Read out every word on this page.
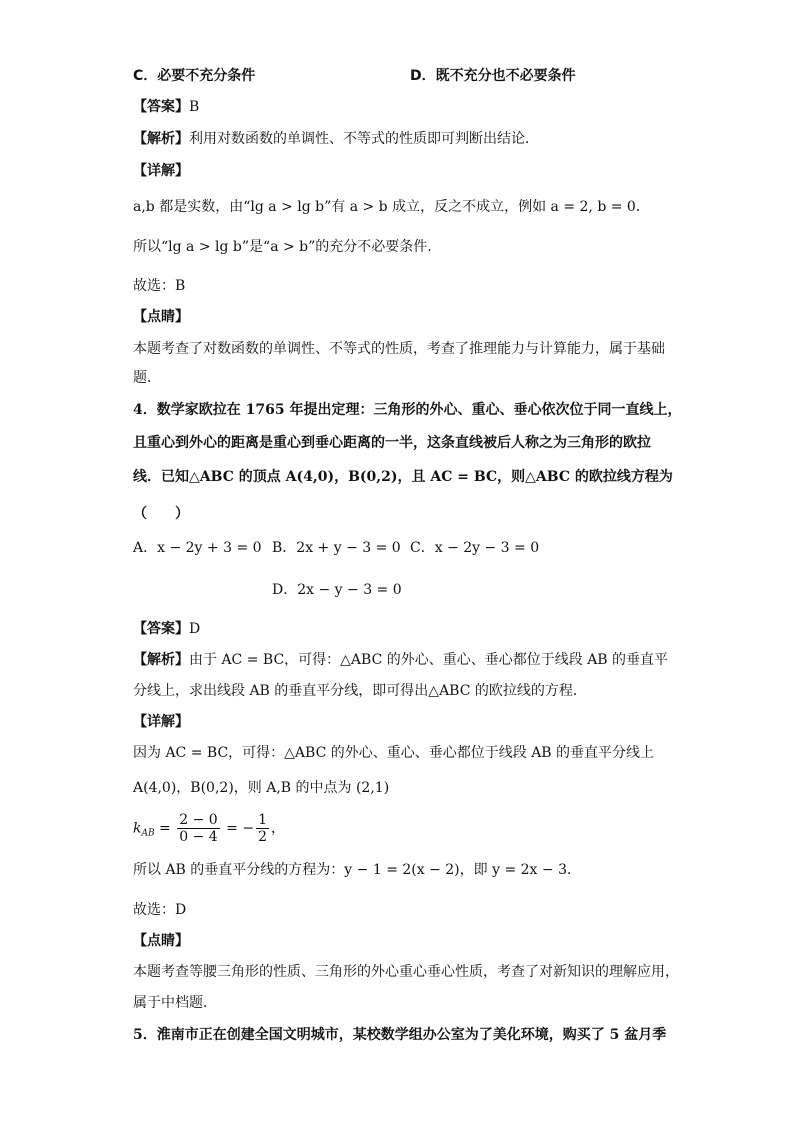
C．必要不充分条件	D．既不充分也不必要条件
【答案】B
【解析】利用对数函数的单调性、不等式的性质即可判断出结论．
【详解】
a,b 都是实数，由“lg a > lg b”有 a > b 成立，反之不成立，例如 a = 2, b = 0．
所以“lg a > lg b”是“a > b”的充分不必要条件.
故选：B
【点睛】
本题考查了对数函数的单调性、不等式的性质，考查了推理能力与计算能力，属于基础
题．
4．数学家欧拉在 1765 年提出定理：三角形的外心、重心、垂心依次位于同一直线上，
且重心到外心的距离是重心到垂心距离的一半，这条直线被后人称之为三角形的欧拉
线．已知△ABC 的顶点 A(4,0)，B(0,2)，且 AC = BC，则△ABC 的欧拉线方程为
（　　）
A．x − 2y + 3 = 0 B．2x + y − 3 = 0 C．x − 2y − 3 = 0
D．2x − y − 3 = 0
【答案】D
【解析】由于 AC = BC，可得：△ABC 的外心、重心、垂心都位于线段 AB 的垂直平
分线上，求出线段 AB 的垂直平分线，即可得出△ABC 的欧拉线的方程．
【详解】
因为 AC = BC，可得：△ABC 的外心、重心、垂心都位于线段 AB 的垂直平分线上
A(4,0)，B(0,2)，则 A,B 的中点为 (2,1)
$k_{AB} = \frac{2 - 0}{0 - 4}$ = − $\frac{1}{2}$ ，
所以 AB 的垂直平分线的方程为：y − 1 = 2(x − 2)，即 y = 2x − 3．
故选：D
【点睛】
本题考查等腰三角形的性质、三角形的外心重心垂心性质，考查了对新知识的理解应用，
属于中档题．
5．淮南市正在创建全国文明城市，某校数学组办公室为了美化环境，购买了 5 盆月季
